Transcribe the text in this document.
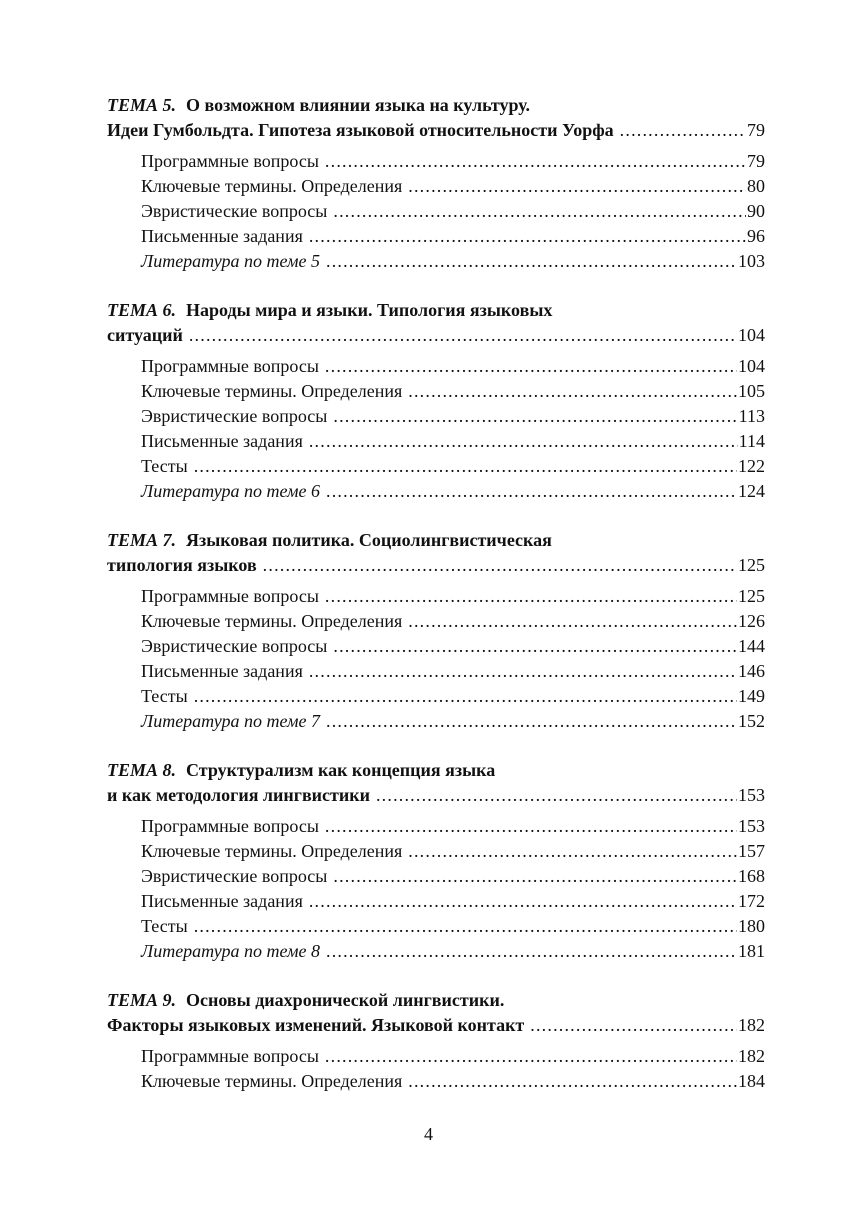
ТЕМА 5. О возможном влиянии языка на культуру.
Идеи Гумбольдта. Гипотеза языковой относительности Уорфа .....	79
Программные вопросы .....	79
Ключевые термины. Определения .....	80
Эвристические вопросы .....	90
Письменные задания .....	96
Литература по теме 5 .....	103
ТЕМА 6. Народы мира и языки. Типология языковых
ситуаций .....	104
Программные вопросы .....	104
Ключевые термины. Определения .....	105
Эвристические вопросы .....	113
Письменные задания .....	114
Тесты .....	122
Литература по теме 6 .....	124
ТЕМА 7. Языковая политика. Социолингвистическая
типология языков .....	125
Программные вопросы .....	125
Ключевые термины. Определения .....	126
Эвристические вопросы .....	144
Письменные задания .....	146
Тесты .....	149
Литература по теме 7 .....	152
ТЕМА 8. Структурализм как концепция языка
и как методология лингвистики .....	153
Программные вопросы .....	153
Ключевые термины. Определения .....	157
Эвристические вопросы .....	168
Письменные задания .....	172
Тесты .....	180
Литература по теме 8 .....	181
ТЕМА 9. Основы диахронической лингвистики.
Факторы языковых изменений. Языковой контакт .....	182
Программные вопросы .....	182
Ключевые термины. Определения .....	184
4
